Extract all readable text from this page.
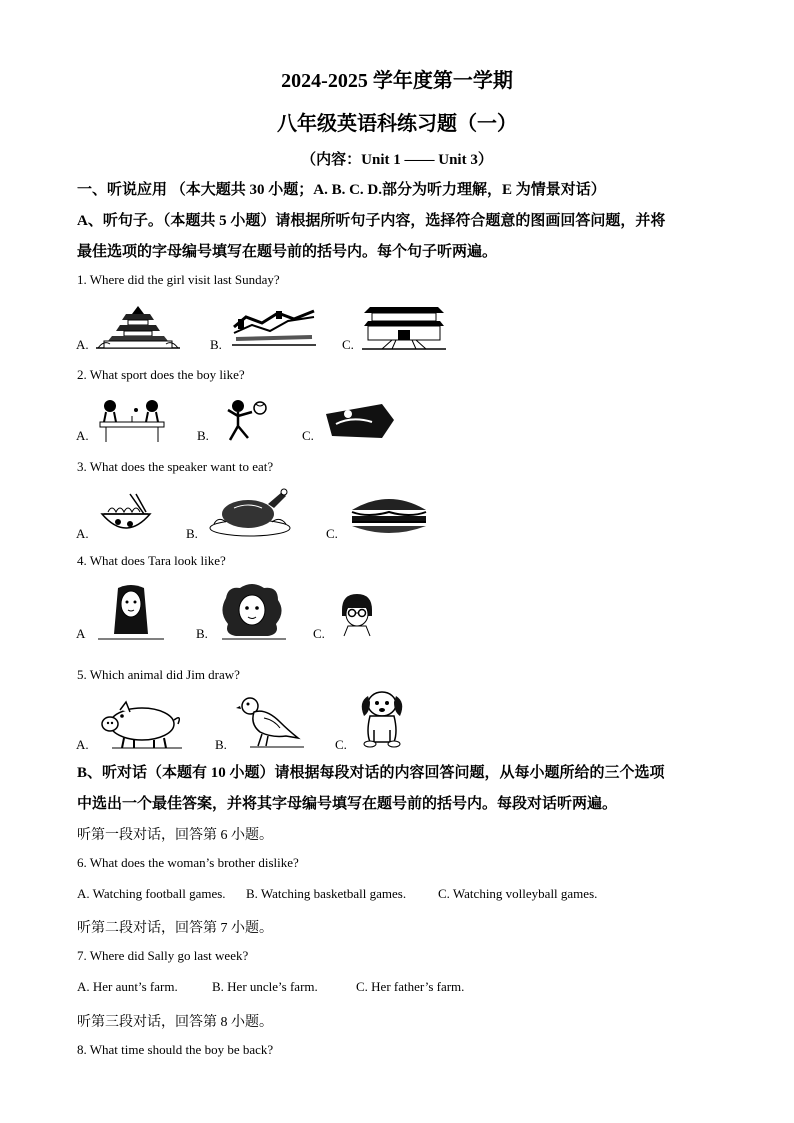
2024-2025 学年度第一学期
八年级英语科练习题（一）
（内容：Unit 1 —— Unit 3）
一、听说应用 （本大题共 30 小题；A. B. C. D.部分为听力理解，E 为情景对话）
A、听句子。（本题共 5 小题）请根据所听句子内容，选择符合题意的图画回答问题，并将
最佳选项的字母编号填写在题号前的括号内。每个句子听两遍。
1. Where did the girl visit last Sunday?
A.	B.	C.
2. What sport does the boy like?
A.	B.	C.
3. What does the speaker want to eat?
A.	B.	C.
4. What does Tara look like?
A	B.	C.
5. Which animal did Jim draw?
A.	B.	C.
B、听对话（本题有 10 小题）请根据每段对话的内容回答问题，从每小题所给的三个选项
中选出一个最佳答案，并将其字母编号填写在题号前的括号内。每段对话听两遍。
听第一段对话，回答第 6 小题。
6. What does the woman’s brother dislike?
A. Watching football games. B. Watching basketball games. C. Watching volleyball games.
听第二段对话，回答第 7 小题。
7. Where did Sally go last week?
A. Her aunt’s farm.	B. Her uncle’s farm.	C. Her father’s farm.
听第三段对话，回答第 8 小题。
8. What time should the boy be back?
